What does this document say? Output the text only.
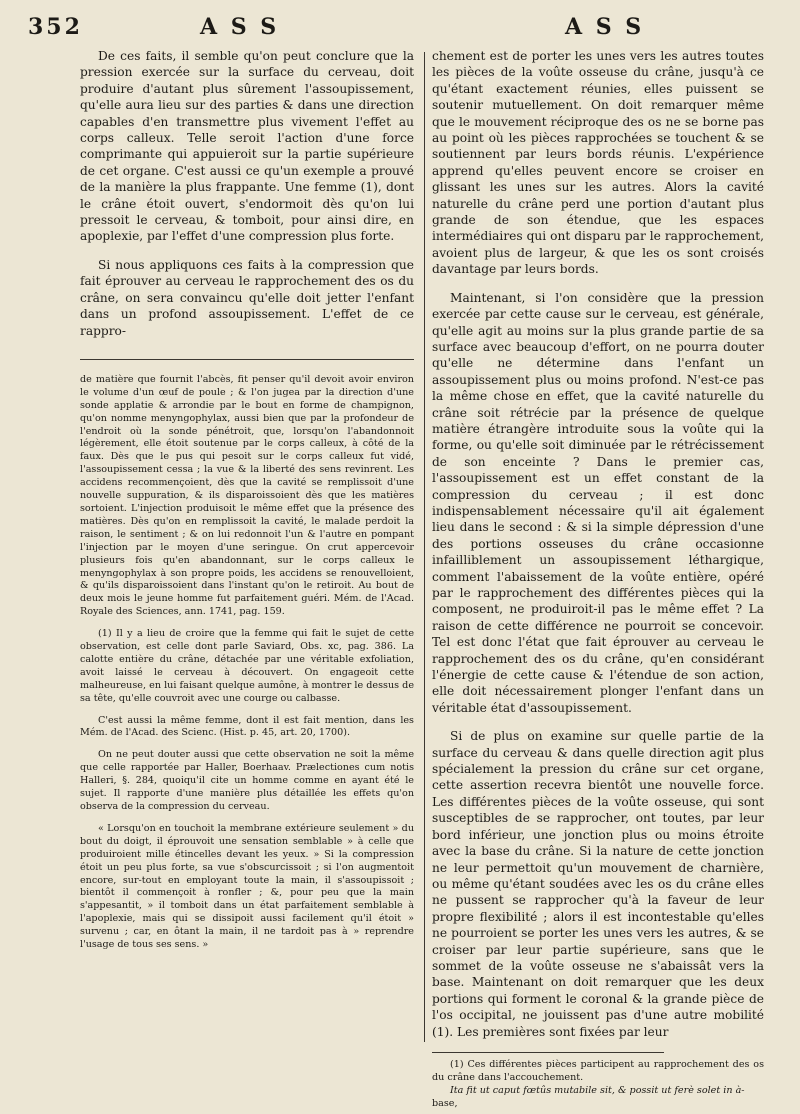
352	A S S	A S S

De ces faits, il semble qu'on peut conclure que la pression exercée sur la surface du cerveau, doit produire d'autant plus sûrement l'assoupissement, qu'elle aura lieu sur des parties & dans une direction capables d'en transmettre plus vivement l'effet au corps calleux. Telle seroit l'action d'une force comprimante qui appuieroit sur la partie supérieure de cet organe. C'est aussi ce qu'un exemple a prouvé de la manière la plus frappante. Une femme (1), dont le crâne étoit ouvert, s'endormoit dès qu'on lui pressoit le cerveau, & tomboit, pour ainsi dire, en apoplexie, par l'effet d'une compression plus forte.

Si nous appliquons ces faits à la compression que fait éprouver au cerveau le rapprochement des os du crâne, on sera convaincu qu'elle doit jetter l'enfant dans un profond assoupissement. L'effet de ce rappro-

de matière que fournit l'abcès, fit penser qu'il devoit avoir environ le volume d'un œuf de poule ; & l'on jugea par la direction d'une sonde applatie & arrondie par le bout en forme de champignon, qu'on nomme menyngophylax, aussi bien que par la profondeur de l'endroit où la sonde pénétroit, que, lorsqu'on l'abandonnoit légèrement, elle étoit soutenue par le corps calleux, à côté de la faux. Dès que le pus qui pesoit sur le corps calleux fut vidé, l'assoupissement cessa ; la vue & la liberté des sens revinrent. Les accidens recommençoient, dès que la cavité se remplissoit d'une nouvelle suppuration, & ils disparoissoient dès que les matières sortoient. L'injection produisoit le même effet que la présence des matières. Dès qu'on en remplissoit la cavité, le malade perdoit la raison, le sentiment ; & on lui redonnoit l'un & l'autre en pompant l'injection par le moyen d'une seringue. On crut appercevoir plusieurs fois qu'en abandonnant, sur le corps calleux le menyngophylax à son propre poids, les accidens se renouvelloient, & qu'ils disparoissoient dans l'instant qu'on le retiroit. Au bout de deux mois le jeune homme fut parfaitement guéri. Mém. de l'Acad. Royale des Sciences, ann. 1741, pag. 159.

(1) Il y a lieu de croire que la femme qui fait le sujet de cette observation, est celle dont parle Saviard, Obs. xc, pag. 386. La calotte entière du crâne, détachée par une véritable exfoliation, avoit laissé le cerveau à découvert. On engageoit cette malheureuse, en lui faisant quelque aumône, à montrer le dessus de sa tête, qu'elle couvroit avec une courge ou calbasse.

C'est aussi la même femme, dont il est fait mention, dans les Mém. de l'Acad. des Scienc. (Hist. p. 45, art. 20, 1700).

On ne peut douter aussi que cette observation ne soit la même que celle rapportée par Haller, Boerhaav. Prælectiones cum notis Halleri, §. 284, quoiqu'il cite un homme comme en ayant été le sujet. Il rapporte d'une manière plus détaillée les effets qu'on observa de la compression du cerveau.

« Lorsqu'on en touchoit la membrane extérieure seulement » du bout du doigt, il éprouvoit une sensation semblable » à celle que produiroient mille étincelles devant les yeux. » Si la compression étoit un peu plus forte, sa vue s'obscurcissoit ; si l'on augmentoit encore, sur-tout en employant toute la main, il s'assoupissoit ; bientôt il commençoit à ronfler ; &, pour peu que la main s'appesantit, » il tomboit dans un état parfaitement semblable à l'apoplexie, mais qui se dissipoit aussi facilement qu'il étoit » survenu ; car, en ôtant la main, il ne tardoit pas à » reprendre l'usage de tous ses sens. »

chement est de porter les unes vers les autres toutes les pièces de la voûte osseuse du crâne, jusqu'à ce qu'étant exactement réunies, elles puissent se soutenir mutuellement. On doit remarquer même que le mouvement réciproque des os ne se borne pas au point où les pièces rapprochées se touchent & se soutiennent par leurs bords réunis. L'expérience apprend qu'elles peuvent encore se croiser en glissant les unes sur les autres. Alors la cavité naturelle du crâne perd une portion d'autant plus grande de son étendue, que les espaces intermédiaires qui ont disparu par le rapprochement, avoient plus de largeur, & que les os sont croisés davantage par leurs bords.

Maintenant, si l'on considère que la pression exercée par cette cause sur le cerveau, est générale, qu'elle agit au moins sur la plus grande partie de sa surface avec beaucoup d'effort, on ne pourra douter qu'elle ne détermine dans l'enfant un assoupissement plus ou moins profond. N'est-ce pas la même chose en effet, que la cavité naturelle du crâne soit rétrécie par la présence de quelque matière étrangère introduite sous la voûte qui la forme, ou qu'elle soit diminuée par le rétrécissement de son enceinte ? Dans le premier cas, l'assoupissement est un effet constant de la compression du cerveau ; il est donc indispensablement nécessaire qu'il ait également lieu dans le second : & si la simple dépression d'une des portions osseuses du crâne occasionne infailliblement un assoupissement léthargique, comment l'abaissement de la voûte entière, opéré par le rapprochement des différentes pièces qui la composent, ne produiroit-il pas le même effet ? La raison de cette différence ne pourroit se concevoir. Tel est donc l'état que fait éprouver au cerveau le rapprochement des os du crâne, qu'en considérant l'énergie de cette cause & l'étendue de son action, elle doit nécessairement plonger l'enfant dans un véritable état d'assoupissement.

Si de plus on examine sur quelle partie de la surface du cerveau & dans quelle direction agit plus spécialement la pression du crâne sur cet organe, cette assertion recevra bientôt une nouvelle force. Les différentes pièces de la voûte osseuse, qui sont susceptibles de se rapprocher, ont toutes, par leur bord inférieur, une jonction plus ou moins étroite avec la base du crâne. Si la nature de cette jonction ne leur permettoit qu'un mouvement de charnière, ou même qu'étant soudées avec les os du crâne elles ne pussent se rapprocher qu'à la faveur de leur propre flexibilité ; alors il est incontestable qu'elles ne pourroient se porter les unes vers les autres, & se croiser par leur partie supérieure, sans que le sommet de la voûte osseuse ne s'abaissât vers la base. Maintenant on doit remarquer que les deux portions qui forment le coronal & la grande pièce de l'os occipital, ne jouissent pas d'une autre mobilité (1). Les premières sont fixées par leur

(1) Ces différentes pièces participent au rapprochement des os du crâne dans l'accouchement.

Ita fit ut caput fœtûs mutabile sit, & possit ut ferè solet in à-

base,
